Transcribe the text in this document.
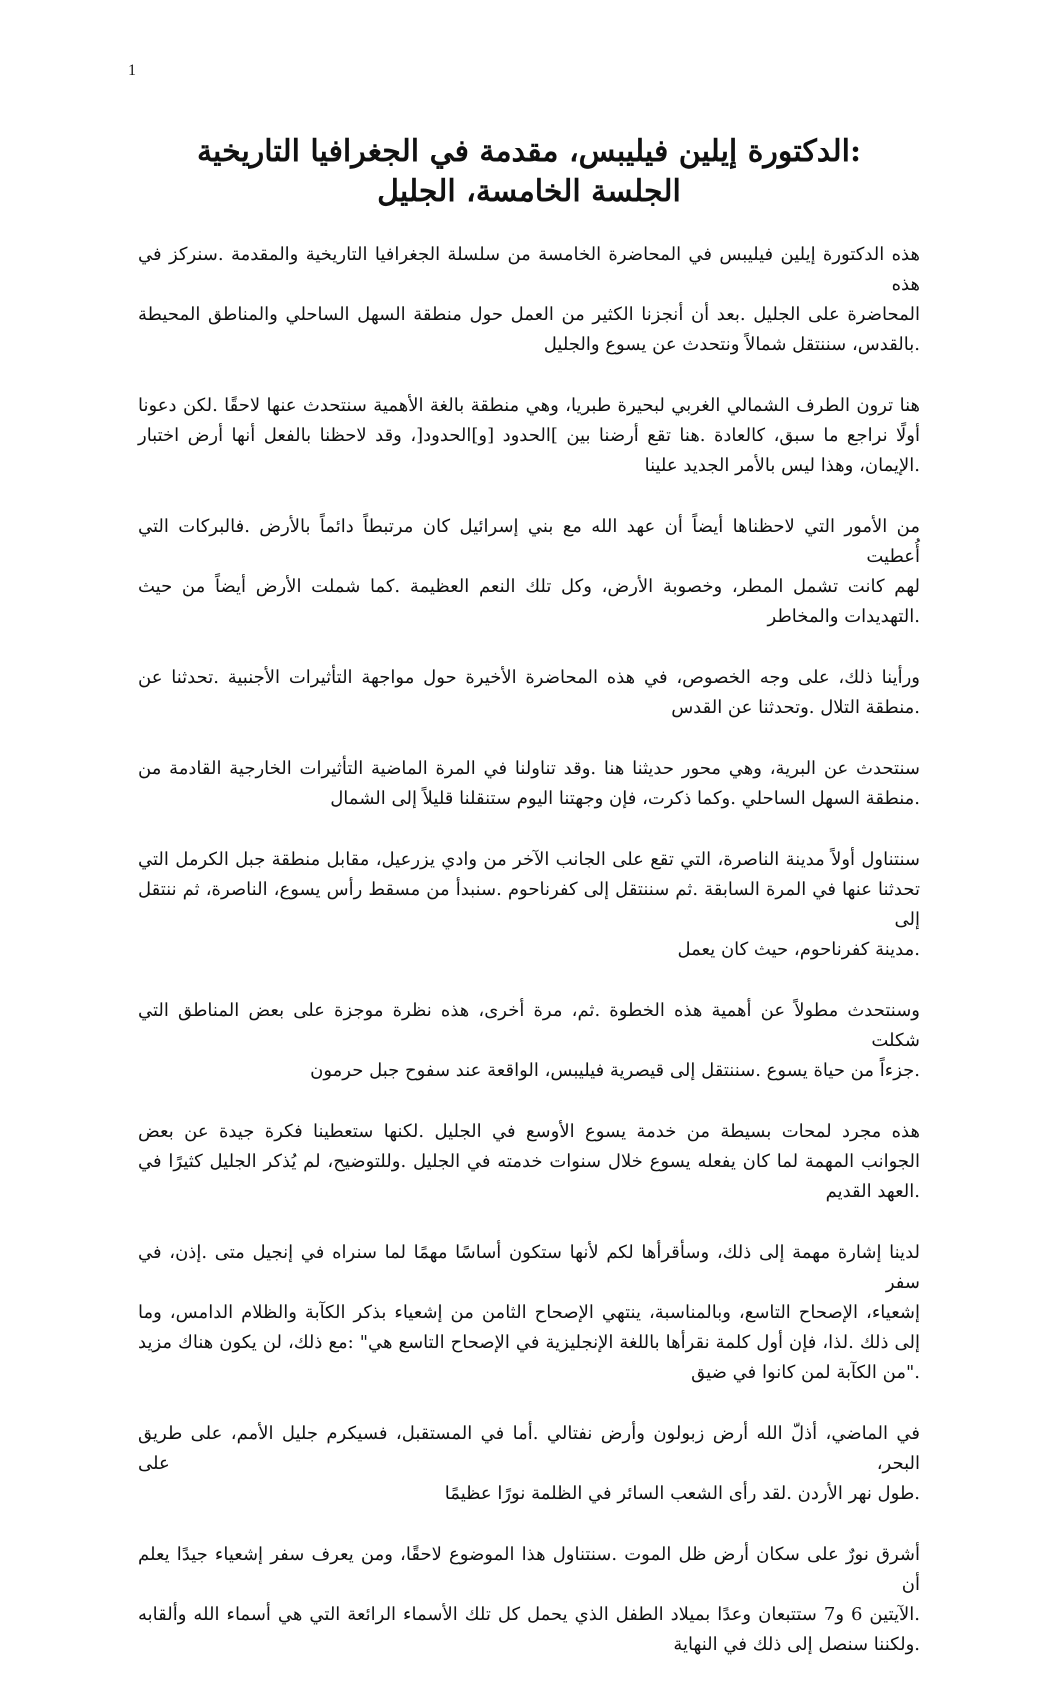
1

:الدكتورة إيلين فيليبس، مقدمة في الجغرافيا التاريخية

الجلسة الخامسة، الجليل

هذه الدكتورة إيلين فيليبس في المحاضرة الخامسة من سلسلة الجغرافيا التاريخية والمقدمة .سنركز في هذه
المحاضرة على الجليل .بعد أن أنجزنا الكثير من العمل حول منطقة السهل الساحلي والمناطق المحيطة
.بالقدس، سننتقل شمالاً ونتحدث عن يسوع والجليل

هنا ترون الطرف الشمالي الغربي لبحيرة طبريا، وهي منطقة بالغة الأهمية سنتحدث عنها لاحقًا .لكن دعونا
أولًا نراجع ما سبق، كالعادة .هنا تقع أرضنا بين ]الحدود [و]الحدود[، وقد لاحظنا بالفعل أنها أرض اختبار
.الإيمان، وهذا ليس بالأمر الجديد علينا

من الأمور التي لاحظناها أيضاً أن عهد الله مع بني إسرائيل كان مرتبطاً دائماً بالأرض .فالبركات التي أُعطيت
لهم كانت تشمل المطر، وخصوبة الأرض، وكل تلك النعم العظيمة .كما شملت الأرض أيضاً من حيث
.التهديدات والمخاطر

ورأينا ذلك، على وجه الخصوص، في هذه المحاضرة الأخيرة حول مواجهة التأثيرات الأجنبية .تحدثنا عن
.منطقة التلال .وتحدثنا عن القدس

سنتحدث عن البرية، وهي محور حديثنا هنا .وقد تناولنا في المرة الماضية التأثيرات الخارجية القادمة من
.منطقة السهل الساحلي .وكما ذكرت، فإن وجهتنا اليوم ستنقلنا قليلاً إلى الشمال

سنتناول أولاً مدينة الناصرة، التي تقع على الجانب الآخر من وادي يزرعيل، مقابل منطقة جبل الكرمل التي
تحدثنا عنها في المرة السابقة .ثم سننتقل إلى كفرناحوم .سنبدأ من مسقط رأس يسوع، الناصرة، ثم ننتقل إلى
.مدينة كفرناحوم، حيث كان يعمل

وسنتحدث مطولاً عن أهمية هذه الخطوة .ثم، مرة أخرى، هذه نظرة موجزة على بعض المناطق التي شكلت
.جزءاً من حياة يسوع .سننتقل إلى قيصرية فيليبس، الواقعة عند سفوح جبل حرمون

هذه مجرد لمحات بسيطة من خدمة يسوع الأوسع في الجليل .لكنها ستعطينا فكرة جيدة عن بعض
الجوانب المهمة لما كان يفعله يسوع خلال سنوات خدمته في الجليل .وللتوضيح، لم يُذكر الجليل كثيرًا في
.العهد القديم

لدينا إشارة مهمة إلى ذلك، وسأقرأها لكم لأنها ستكون أساسًا مهمًا لما سنراه في إنجيل متى .إذن، في سفر
إشعياء، الإصحاح التاسع، وبالمناسبة، ينتهي الإصحاح الثامن من إشعياء بذكر الكآبة والظلام الدامس، وما
إلى ذلك .لذا، فإن أول كلمة نقرأها باللغة الإنجليزية في الإصحاح التاسع هي" :مع ذلك، لن يكون هناك مزيد
."من الكآبة لمن كانوا في ضيق

في الماضي، أذلّ الله أرض زبولون وأرض نفتالي .أما في المستقبل، فسيكرم جليل الأمم، على طريق البحر، على
.طول نهر الأردن .لقد رأى الشعب السائر في الظلمة نورًا عظيمًا

أشرق نورٌ على سكان أرض ظل الموت .سنتناول هذا الموضوع لاحقًا، ومن يعرف سفر إشعياء جيدًا يعلم أن
.الآيتين 6 و7 ستتبعان وعدًا بميلاد الطفل الذي يحمل كل تلك الأسماء الرائعة التي هي أسماء الله وألقابه
.ولكننا سنصل إلى ذلك في النهاية
